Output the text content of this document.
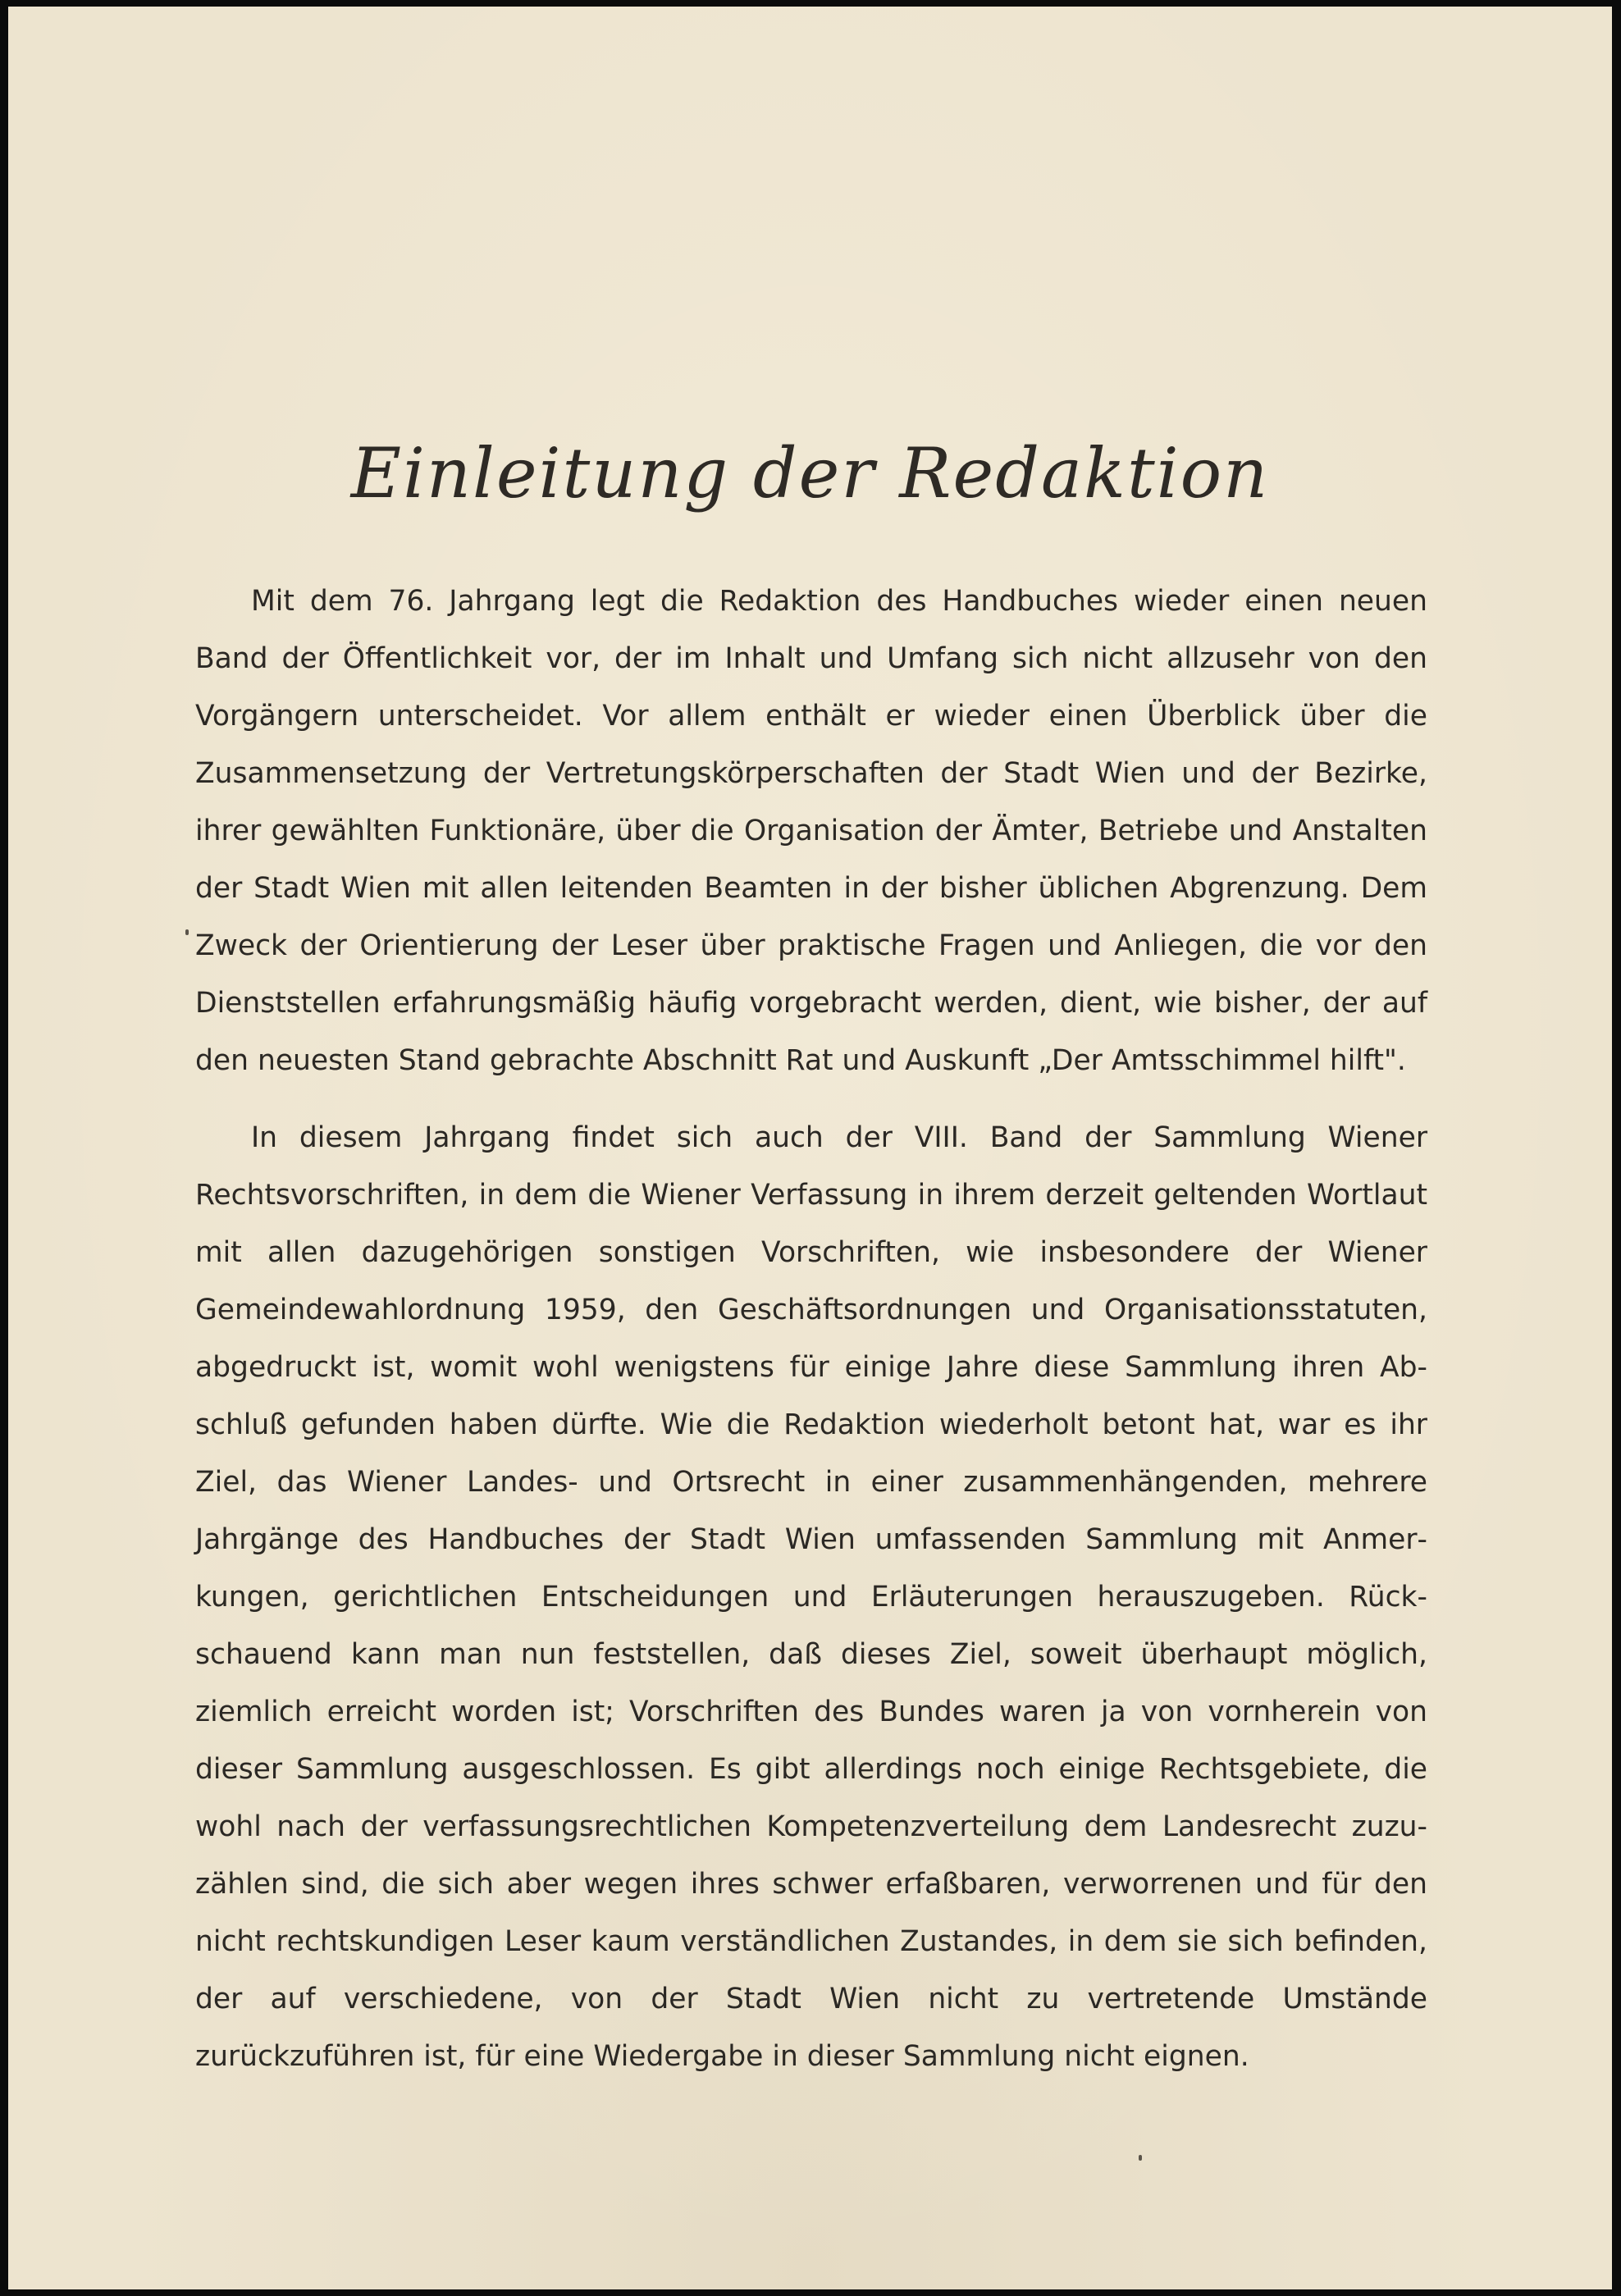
Einleitung der Redaktion

Mit dem 76. Jahrgang legt die Redaktion des Handbuches wieder einen neuen Band der Öffentlichkeit vor, der im Inhalt und Umfang sich nicht allzusehr von den Vorgängern unterscheidet. Vor allem enthält er wieder einen Überblick über die Zusammensetzung der Vertretungskörperschaften der Stadt Wien und der Bezirke, ihrer gewählten Funktionäre, über die Organisation der Ämter, Betriebe und Anstalten der Stadt Wien mit allen leitenden Beamten in der bisher üblichen Abgrenzung. Dem Zweck der Orientierung der Leser über praktische Fragen und Anliegen, die vor den Dienststellen erfahrungsmäßig häufig vorgebracht werden, dient, wie bisher, der auf den neuesten Stand gebrachte Abschnitt Rat und Auskunft „Der Amtsschimmel hilft".

In diesem Jahrgang findet sich auch der VIII. Band der Sammlung Wiener Rechtsvorschriften, in dem die Wiener Verfassung in ihrem derzeit geltenden Wortlaut mit allen dazugehörigen sonstigen Vorschriften, wie insbesondere der Wiener Gemeindewahlordnung 1959, den Geschäftsordnungen und Organisationsstatuten, abgedruckt ist, womit wohl wenigstens für einige Jahre diese Sammlung ihren Abschluß gefunden haben dürfte. Wie die Redaktion wiederholt betont hat, war es ihr Ziel, das Wiener Landes- und Ortsrecht in einer zusammenhängenden, mehrere Jahrgänge des Handbuches der Stadt Wien umfassenden Sammlung mit Anmerkungen, gerichtlichen Entscheidungen und Erläuterungen herauszugeben. Rückschauend kann man nun feststellen, daß dieses Ziel, soweit überhaupt möglich, ziemlich erreicht worden ist; Vorschriften des Bundes waren ja von vornherein von dieser Sammlung ausgeschlossen. Es gibt allerdings noch einige Rechtsgebiete, die wohl nach der verfassungsrechtlichen Kompetenzverteilung dem Landesrecht zuzuzählen sind, die sich aber wegen ihres schwer erfaßbaren, verworrenen und für den nicht rechtskundigen Leser kaum verständlichen Zustandes, in dem sie sich befinden, der auf verschiedene, von der Stadt Wien nicht zu vertretende Umstände zurückzuführen ist, für eine Wiedergabe in dieser Sammlung nicht eignen.
